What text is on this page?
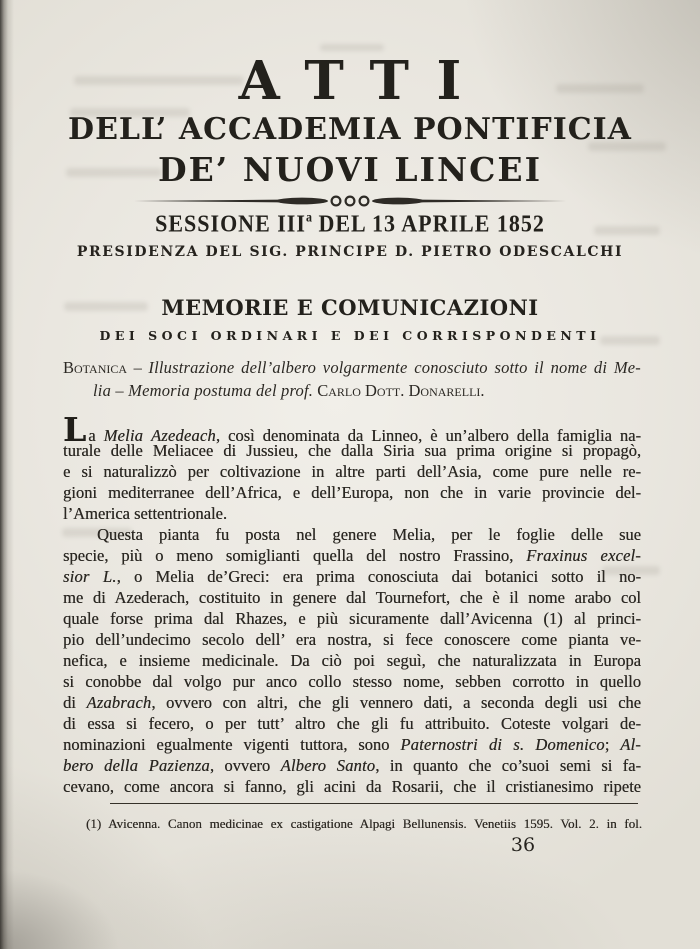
ATTI
DELL’ ACCADEMIA PONTIFICIA
DE’ NUOVI LINCEI
SESSIONE III$^a$ DEL 13 APRILE 1852
PRESIDENZA DEL SIG. PRINCIPE D. PIETRO ODESCALCHI
MEMORIE E COMUNICAZIONI
DEI SOCI ORDINARI E DEI CORRISPONDENTI
Botanica – Illustrazione dell’albero volgarmente conosciuto sotto il nome di Me-
lia – Memoria postuma del prof. Carlo Dott. Donarelli.
La Melia Azedeach, così denominata da Linneo, è un’albero della famiglia na-
turale delle Meliacee di Jussieu, che dalla Siria sua prima origine si propagò,
e si naturalizzò per coltivazione in altre parti dell’Asia, come pure nelle re-
gioni mediterranee dell’Africa, e dell’Europa, non che in varie provincie del-
l’America settentrionale.
Questa pianta fu posta nel genere Melia, per le foglie delle sue
specie, più o meno somiglianti quella del nostro Frassino, Fraxinus excel-
sior L., o Melia de’Greci: era prima conosciuta dai botanici sotto il no-
me di Azederach, costituito in genere dal Tournefort, che è il nome arabo col
quale forse prima dal Rhazes, e più sicuramente dall’Avicenna (1) al princi-
pio dell’undecimo secolo dell’ era nostra, si fece conoscere come pianta ve-
nefica, e insieme medicinale. Da ciò poi seguì, che naturalizzata in Europa
si conobbe dal volgo pur anco collo stesso nome, sebben corrotto in quello
di Azabrach, ovvero con altri, che gli vennero dati, a seconda degli usi che
di essa si fecero, o per tutt’ altro che gli fu attribuito. Coteste volgari de-
nominazioni egualmente vigenti tuttora, sono Paternostri di s. Domenico; Al-
bero della Pazienza, ovvero Albero Santo, in quanto che co’suoi semi si fa-
cevano, come ancora si fanno, gli acini da Rosarii, che il cristianesimo ripete
(1) Avicenna. Canon medicinae ex castigatione Alpagi Bellunensis. Venetiis 1595. Vol. 2. in fol.
36
